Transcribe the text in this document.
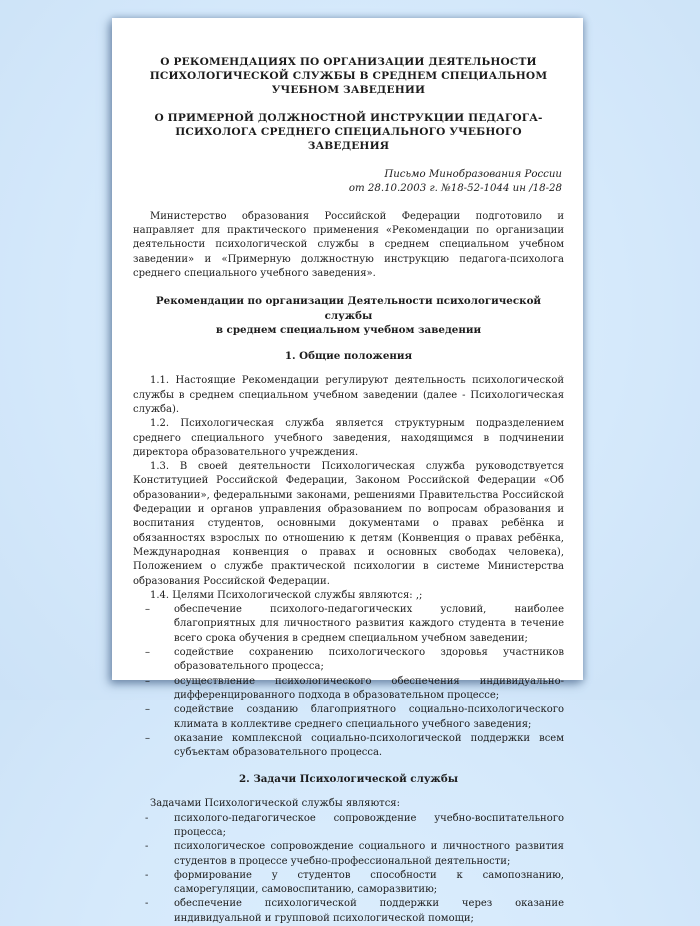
О РЕКОМЕНДАЦИЯХ ПО ОРГАНИЗАЦИИ ДЕЯТЕЛЬНОСТИ ПСИХОЛОГИЧЕСКОЙ СЛУЖБЫ В СРЕДНЕМ СПЕЦИАЛЬНОМ УЧЕБНОМ ЗАВЕДЕНИИ
О ПРИМЕРНОЙ ДОЛЖНОСТНОЙ ИНСТРУКЦИИ ПЕДАГОГА-ПСИХОЛОГА СРЕДНЕГО СПЕЦИАЛЬНОГО УЧЕБНОГО ЗАВЕДЕНИЯ
Письмо Минобразования России
от 28.10.2003 г. №18-52-1044 ин /18-28

Министерство образования Российской Федерации подготовило и направляет для практического применения «Рекомендации по организации деятельности психологической службы в среднем специальном учебном заведении» и «Примерную должностную инструкцию педагога-психолога среднего специального учебного заведения».

Рекомендации по организации Деятельности психологической службы
в среднем специальном учебном заведении
1. Общие положения

1.1. Настоящие Рекомендации регулируют деятельность психологической службы в среднем специальном учебном заведении (далее - Психологическая служба).

1.2. Психологическая служба является структурным подразделением среднего специального учебного заведения, находящимся в подчинении директора образовательного учреждения.

1.3. В своей деятельности Психологическая служба руководствуется Конституцией Российской Федерации, Законом Российской Федерации «Об образовании», федеральными законами, решениями Правительства Российской Федерации и органов управления образованием по вопросам образования и воспитания студентов, основными документами о правах ребёнка и обязанностях взрослых по отношению к детям (Конвенция о правах ребёнка, Международная конвенция о правах и основных свободах человека), Положением о службе практической психологии в системе Министерства образования Российской Федерации.

1.4. Целями Психологической службы являются: ,;

– обеспечение психолого-педагогических условий, наиболее благоприятных для личностного развития каждого студента в течение всего срока обучения в среднем специальном учебном заведении;
– содействие сохранению психологического здоровья участников образовательного процесса;
– осуществление психологического обеспечения индивидуально-дифференцированного подхода в образовательном процессе;
– содействие созданию благоприятного социально-психологического климата в коллективе среднего специального учебного заведения;
– оказание комплексной социально-психологической поддержки всем субъектам образовательного процесса.
2. Задачи Психологической службы

Задачами Психологической службы являются:

-	психолого-педагогическое сопровождение учебно-воспитательного процесса;
-	психологическое сопровождение социального и личностного развития студентов в процессе учебно-профессиональной деятельности;
-	формирование у студентов способности к самопознанию, саморегуляции, самовоспитанию, саморазвитию;
-	обеспечение психологической поддержки через оказание индивидуальной и групповой психологической помощи;
